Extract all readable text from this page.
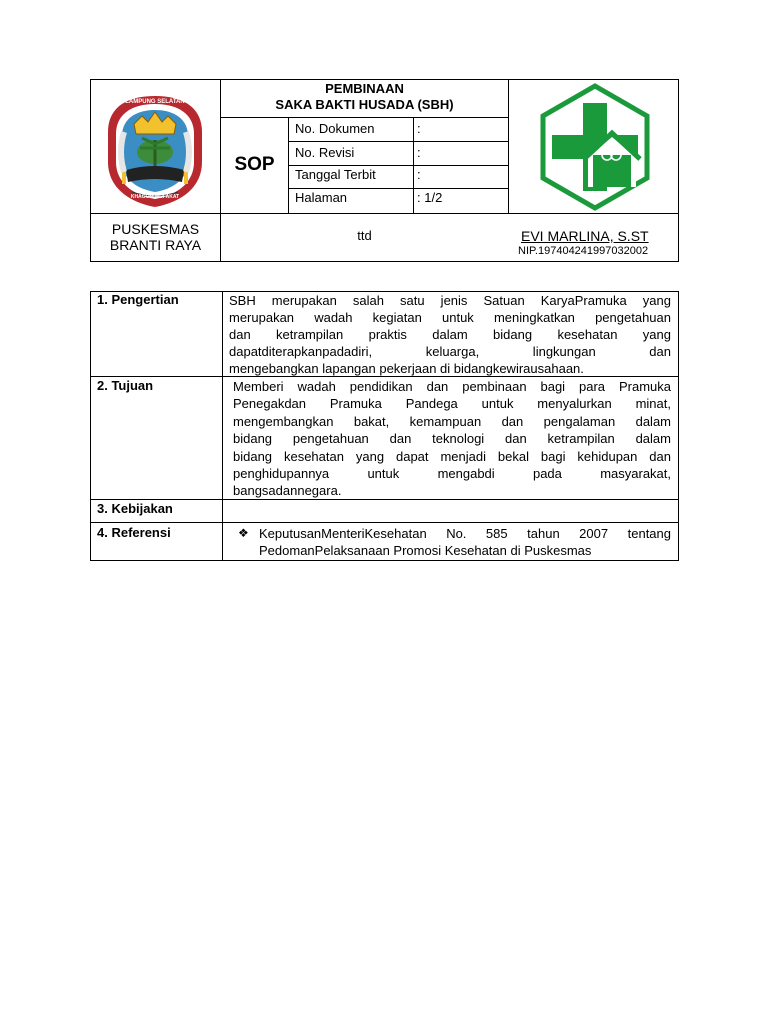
LAMPUNG SELATAN
KHAGOM MUFAKAT
PEMBINAAN
SAKA BAKTI HUSADA (SBH)
SOP
No. Dokumen	:
No. Revisi	:
Tanggal Terbit	:
Halaman	: 1/2
PUSKESMAS
BRANTI RAYA
ttd	EVI MARLINA, S.ST
NIP.197404241997032002
1. Pengertian	SBH merupakan salah satu jenis Satuan KaryaPramuka yang
merupakan wadah kegiatan untuk meningkatkan pengetahuan
dan ketrampilan praktis dalam bidang kesehatan yang
dapatditerapkanpadadiri, keluarga, lingkungan dan
mengebangkan lapangan pekerjaan di bidangkewirausahaan.
2. Tujuan	Memberi wadah pendidikan dan pembinaan bagi para Pramuka
Penegakdan Pramuka Pandega untuk menyalurkan minat,
mengembangkan bakat, kemampuan dan pengalaman dalam
bidang pengetahuan dan teknologi dan ketrampilan dalam
bidang kesehatan yang dapat menjadi bekal bagi kehidupan dan
penghidupannya untuk mengabdi pada masyarakat,
bangsadannegara.
3. Kebijakan
4. Referensi	❖ KeputusanMenteriKesehatan No. 585 tahun 2007 tentang
PedomanPelaksanaan Promosi Kesehatan di Puskesmas
